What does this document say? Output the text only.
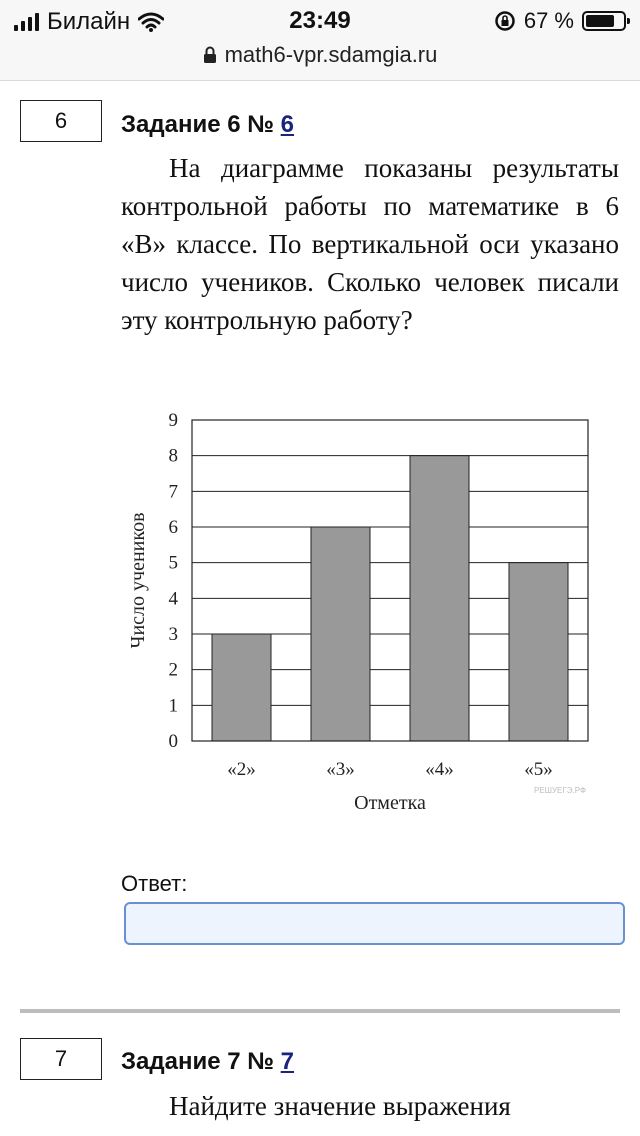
Билайн	23:49	67 %
math6-vpr.sdamgia.ru
6	Задание 6 № 6
На диаграмме показаны результаты контрольной работы по математике в 6 «В» классе. По вертикальной оси указано число учеников. Сколько человек писали эту контрольную работу?
0
1
2
3
4
5
6
7
8
9
«2»	«3»	«4»	«5»
Число учеников
Отметка
РЕШУЕГЭ.РФ
Ответ:
7	Задание 7 № 7
Найдите значение выражения
